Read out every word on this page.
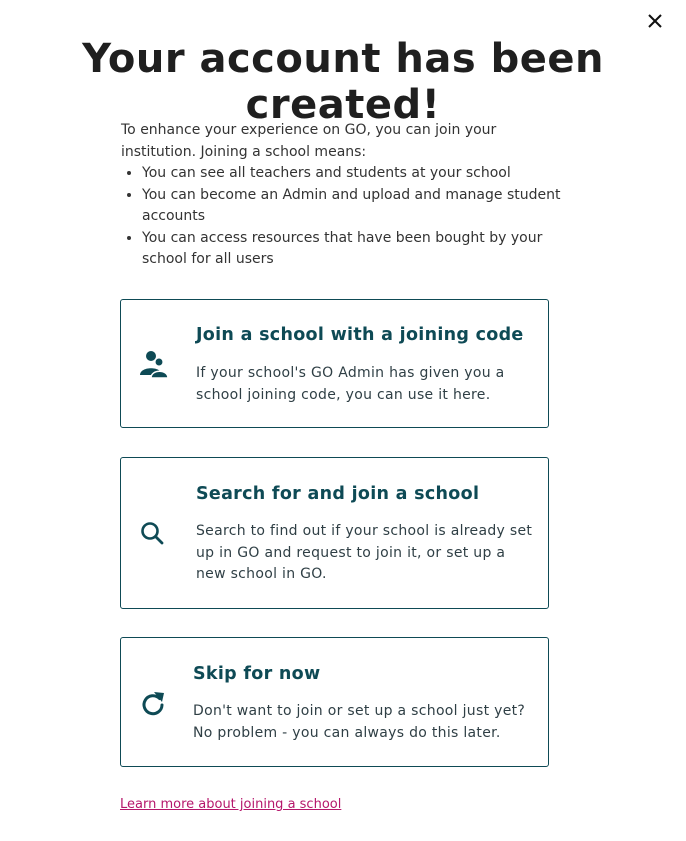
Your account has been created!

To enhance your experience on GO, you can join your institution. Joining a school means:

• You can see all teachers and students at your school
• You can become an Admin and upload and manage student accounts
• You can access resources that have been bought by your school for all users
Join a school with a joining code

If your school's GO Admin has given you a school joining code, you can use it here.

Search for and join a school

Search to find out if your school is already set up in GO and request to join it, or set up a new school in GO.

Skip for now

Don't want to join or set up a school just yet? No problem - you can always do this later.

Learn more about joining a school
